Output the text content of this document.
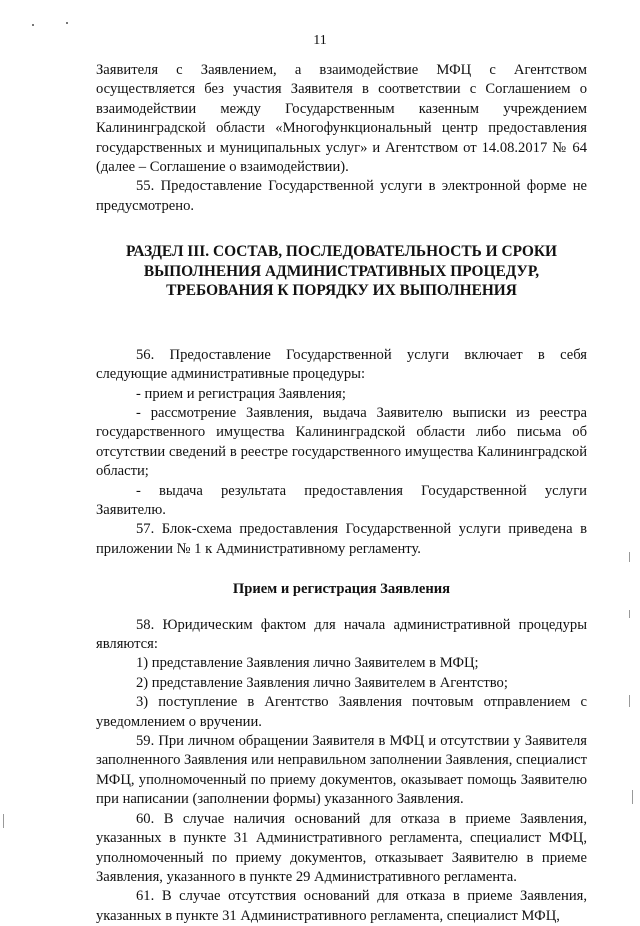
11

Заявителя с Заявлением, а взаимодействие МФЦ с Агентством осуществляется без участия Заявителя в соответствии с Соглашением о взаимодействии между Государственным казенным учреждением Калининградской области «Многофункциональный центр предоставления государственных и муниципальных услуг» и Агентством от 14.08.2017 № 64 (далее – Соглашение о взаимодействии).

55. Предоставление Государственной услуги в электронной форме не предусмотрено.

РАЗДЕЛ III. СОСТАВ, ПОСЛЕДОВАТЕЛЬНОСТЬ И СРОКИ ВЫПОЛНЕНИЯ АДМИНИСТРАТИВНЫХ ПРОЦЕДУР, ТРЕБОВАНИЯ К ПОРЯДКУ ИХ ВЫПОЛНЕНИЯ

56. Предоставление Государственной услуги включает в себя следующие административные процедуры:

- прием и регистрация Заявления;

- рассмотрение Заявления, выдача Заявителю выписки из реестра государственного имущества Калининградской области либо письма об отсутствии сведений в реестре государственного имущества Калининградской области;

- выдача результата предоставления Государственной услуги Заявителю.

57. Блок-схема предоставления Государственной услуги приведена в приложении № 1 к Административному регламенту.

Прием и регистрация Заявления

58. Юридическим фактом для начала административной процедуры являются:

1) представление Заявления лично Заявителем в МФЦ;

2) представление Заявления лично Заявителем в Агентство;

3) поступление в Агентство Заявления почтовым отправлением с уведомлением о вручении.

59. При личном обращении Заявителя в МФЦ и отсутствии у Заявителя заполненного Заявления или неправильном заполнении Заявления, специалист МФЦ, уполномоченный по приему документов, оказывает помощь Заявителю при написании (заполнении формы) указанного Заявления.

60. В случае наличия оснований для отказа в приеме Заявления, указанных в пункте 31 Административного регламента, специалист МФЦ, уполномоченный по приему документов, отказывает Заявителю в приеме Заявления, указанного в пункте 29 Административного регламента.

61. В случае отсутствия оснований для отказа в приеме Заявления, указанных в пункте 31 Административного регламента, специалист МФЦ,
